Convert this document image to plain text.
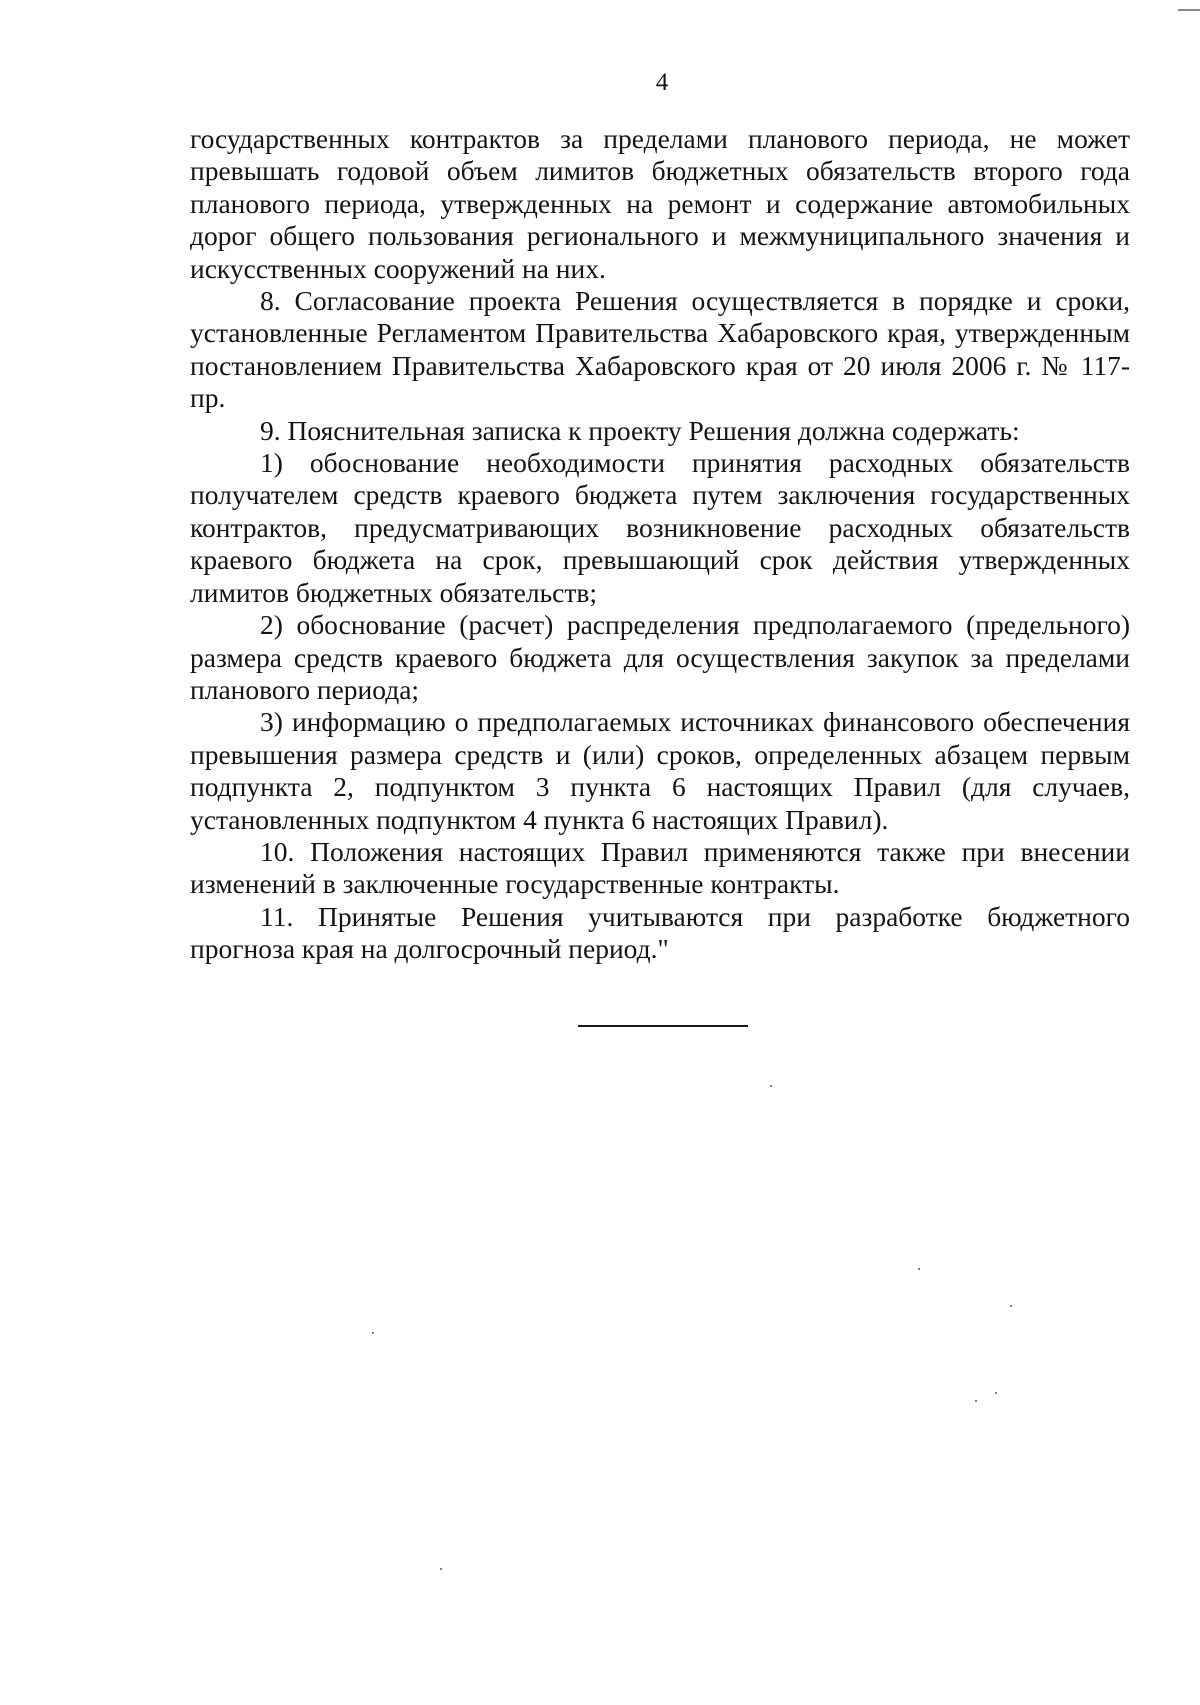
4

государственных контрактов за пределами планового периода, не может превышать годовой объем лимитов бюджетных обязательств второго года планового периода, утвержденных на ремонт и содержание автомобильных дорог общего пользования регионального и межмуниципального значения и искусственных сооружений на них.

8. Согласование проекта Решения осуществляется в порядке и сроки, установленные Регламентом Правительства Хабаровского края, утвержденным постановлением Правительства Хабаровского края от 20 июля 2006 г. № 117-пр.

9. Пояснительная записка к проекту Решения должна содержать:

1) обоснование необходимости принятия расходных обязательств получателем средств краевого бюджета путем заключения государственных контрактов, предусматривающих возникновение расходных обязательств краевого бюджета на срок, превышающий срок действия утвержденных лимитов бюджетных обязательств;

2) обоснование (расчет) распределения предполагаемого (предельного) размера средств краевого бюджета для осуществления закупок за пределами планового периода;

3) информацию о предполагаемых источниках финансового обеспечения превышения размера средств и (или) сроков, определенных абзацем первым подпункта 2, подпунктом 3 пункта 6 настоящих Правил (для случаев, установленных подпунктом 4 пункта 6 настоящих Правил).

10. Положения настоящих Правил применяются также при внесении изменений в заключенные государственные контракты.

11. Принятые Решения учитываются при разработке бюджетного прогноза края на долгосрочный период."
